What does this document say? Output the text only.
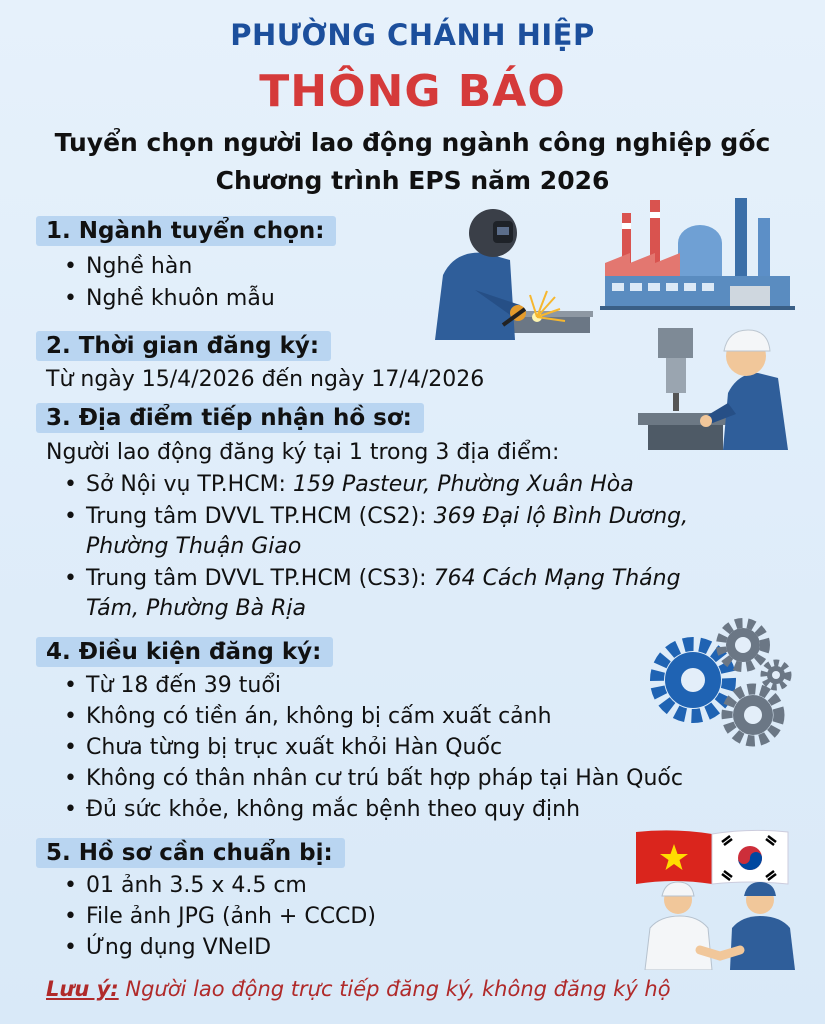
PHƯỜNG CHÁNH HIỆP
THÔNG BÁO
Tuyển chọn người lao động ngành công nghiệp gốc
Chương trình EPS năm 2026
1. Ngành tuyển chọn:
• Nghề hàn
• Nghề khuôn mẫu
2. Thời gian đăng ký:
Từ ngày 15/4/2026 đến ngày 17/4/2026
3. Địa điểm tiếp nhận hồ sơ:
Người lao động đăng ký tại 1 trong 3 địa điểm:
• Sở Nội vụ TP.HCM: 159 Pasteur, Phường Xuân Hòa
• Trung tâm DVVL TP.HCM (CS2): 369 Đại lộ Bình Dương,
Phường Thuận Giao
• Trung tâm DVVL TP.HCM (CS3): 764 Cách Mạng Tháng
Tám, Phường Bà Rịa
4. Điều kiện đăng ký:
• Từ 18 đến 39 tuổi
• Không có tiền án, không bị cấm xuất cảnh
• Chưa từng bị trục xuất khỏi Hàn Quốc
• Không có thân nhân cư trú bất hợp pháp tại Hàn Quốc
• Đủ sức khỏe, không mắc bệnh theo quy định
5. Hồ sơ cần chuẩn bị:
• 01 ảnh 3.5 x 4.5 cm
• File ảnh JPG (ảnh + CCCD)
• Ứng dụng VNeID
Lưu ý: Người lao động trực tiếp đăng ký, không đăng ký hộ
